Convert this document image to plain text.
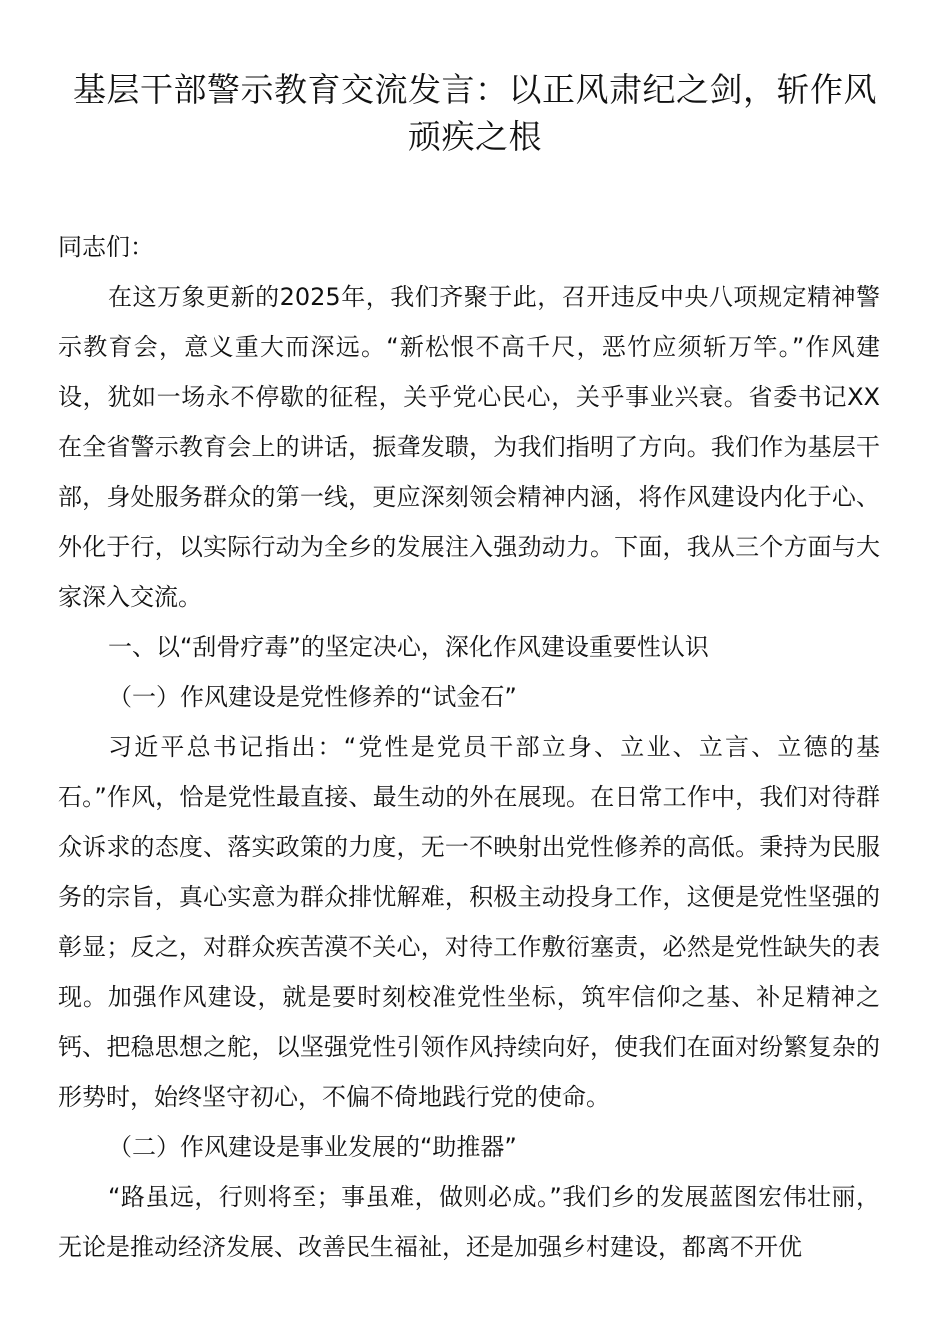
基层干部警示教育交流发言：以正风肃纪之剑，斩作风顽疾之根

同志们：

在这万象更新的2025年，我们齐聚于此，召开违反中央八项规定精神警示教育会，意义重大而深远。“新松恨不高千尺，恶竹应须斩万竿。”作风建设，犹如一场永不停歇的征程，关乎党心民心，关乎事业兴衰。省委书记XX在全省警示教育会上的讲话，振聋发聩，为我们指明了方向。我们作为基层干部，身处服务群众的第一线，更应深刻领会精神内涵，将作风建设内化于心、外化于行，以实际行动为全乡的发展注入强劲动力。下面，我从三个方面与大家深入交流。

一、以“刮骨疗毒”的坚定决心，深化作风建设重要性认识

（一）作风建设是党性修养的“试金石”

习近平总书记指出：“党性是党员干部立身、立业、立言、立德的基石。”作风，恰是党性最直接、最生动的外在展现。在日常工作中，我们对待群众诉求的态度、落实政策的力度，无一不映射出党性修养的高低。秉持为民服务的宗旨，真心实意为群众排忧解难，积极主动投身工作，这便是党性坚强的彰显；反之，对群众疾苦漠不关心，对待工作敷衍塞责，必然是党性缺失的表现。加强作风建设，就是要时刻校准党性坐标，筑牢信仰之基、补足精神之钙、把稳思想之舵，以坚强党性引领作风持续向好，使我们在面对纷繁复杂的形势时，始终坚守初心，不偏不倚地践行党的使命。

（二）作风建设是事业发展的“助推器”

“路虽远，行则将至；事虽难，做则必成。”我们乡的发展蓝图宏伟壮丽，无论是推动经济发展、改善民生福祉，还是加强乡村建设，都离不开优
